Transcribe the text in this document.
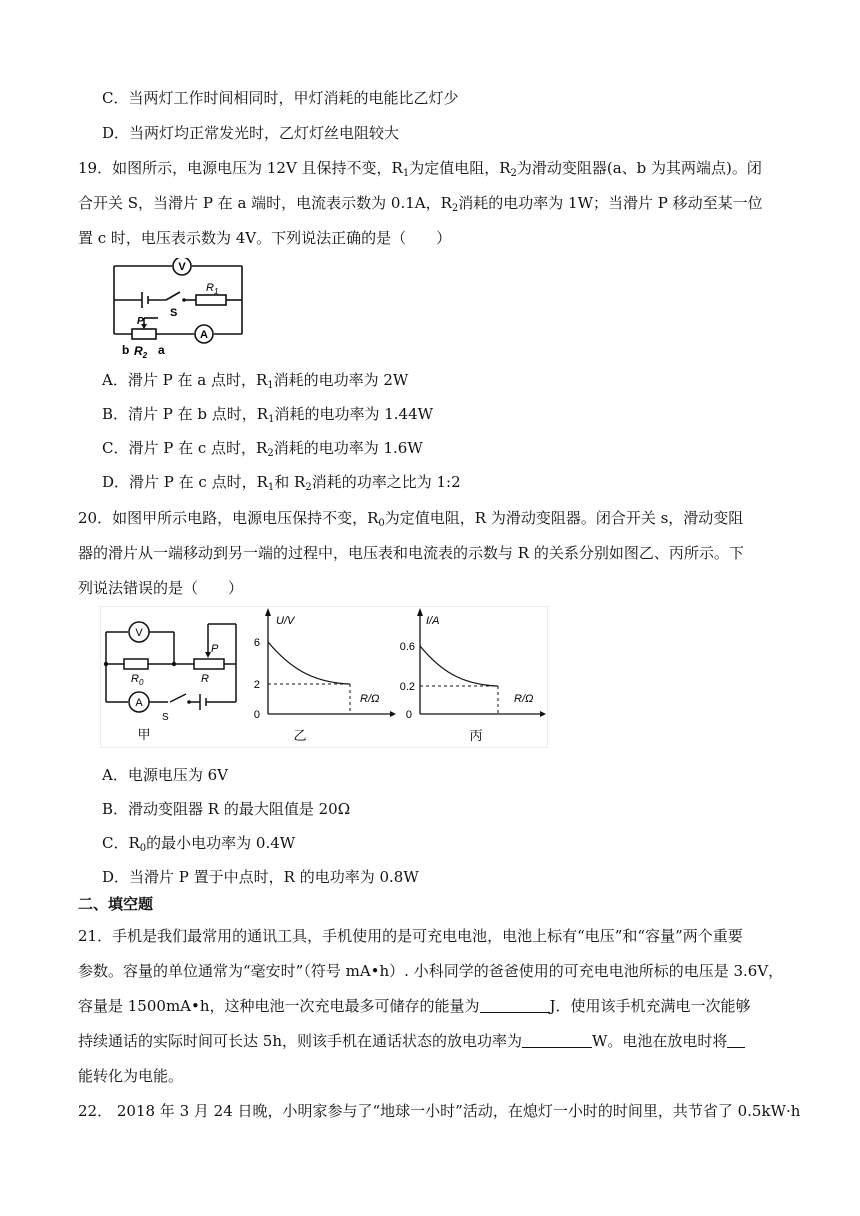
C．当两灯工作时间相同时，甲灯消耗的电能比乙灯少
D．当两灯均正常发光时，乙灯灯丝电阻较大
19．如图所示，电源电压为 12V 且保持不变，$R_1$为定值电阻，$R_2$为滑动变阻器(a、b 为其两端点)。闭
合开关 S，当滑片 P 在 a 端时，电流表示数为 0.1A，$R_2$消耗的电功率为 1W；当滑片 P 移动至某一位
置 c 时，电压表示数为 4V。下列说法正确的是（　　）
V
$R_1$
S
P
A
b $R_2$ a
A．滑片 P 在 a 点时，$R_1$消耗的电功率为 2W
B．清片 P 在 b 点时，$R_1$消耗的电功率为 1.44W
C．滑片 P 在 c 点时，$R_2$消耗的电功率为 1.6W
D．滑片 P 在 c 点时，$R_1$和 $R_2$消耗的功率之比为 1:2
20．如图甲所示电路，电源电压保持不变，$R_0$为定值电阻，R 为滑动变阻器。闭合开关 s，滑动变阻
器的滑片从一端移动到另一端的过程中，电压表和电流表的示数与 R 的关系分别如图乙、丙所示。下
列说法错误的是（　　）
V
A
$R_0$	R
P
S
甲
U/V
R/Ω
6
2
0
乙
I/A
R/Ω
0.6
0.2
0
丙
A．电源电压为 6V
B．滑动变阻器 R 的最大阻值是 20Ω
C．$R_0$的最小电功率为 0.4W
D．当滑片 P 置于中点时，R 的电功率为 0.8W
二、填空题
21．手机是我们最常用的通讯工具，手机使用的是可充电电池，电池上标有“电压”和“容量”两个重要
参数。容量的单位通常为“毫安时”（符号 mA•h）. 小科同学的爸爸使用的可充电电池所标的电压是 3.6V，
容量是 1500mA•h，这种电池一次充电最多可储存的能量为	J．使用该手机充满电一次能够
持续通话的实际时间可长达 5h，则该手机在通话状态的放电功率为	W。电池在放电时将
能转化为电能。
22． 2018 年 3 月 24 日晚，小明家参与了“地球一小时”活动，在熄灯一小时的时间里，共节省了 0.5kW·h
